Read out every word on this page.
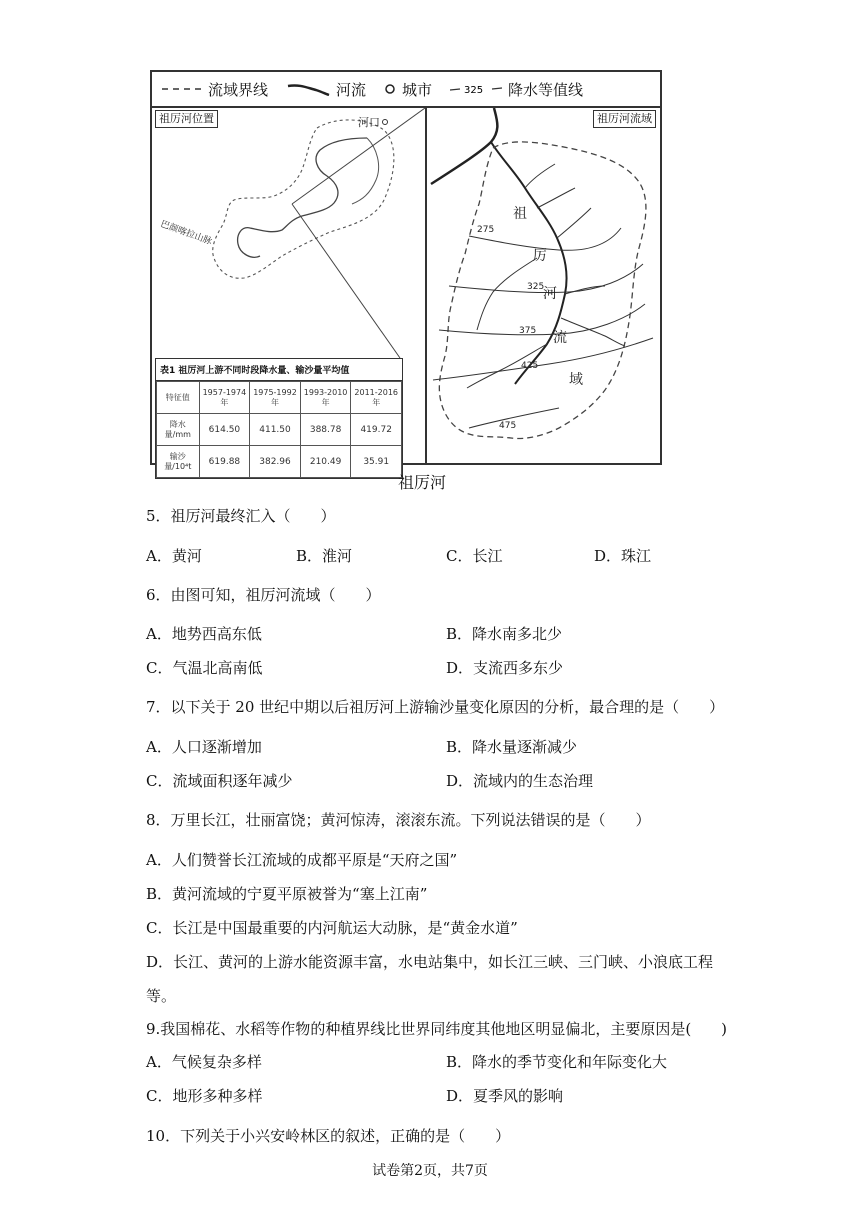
流域界线	河流 城市	325 降水等值线
祖厉河位置
巴颜喀拉山脉
河口
表1 祖厉河上游不同时段降水量、输沙量平均值
特征值	1957-1974年	1975-1992年	1993-2010年	2011-2016年
降水量/mm	614.50	411.50	388.78	419.72
输沙量/10⁴t	619.88	382.96	210.49	35.91
祖厉河流域
275
325
375
425
475
祖
厉
河
流
域
祖厉河
5．祖厉河最终汇入（　　）
A．黄河	B．淮河	C．长江	D．珠江
6．由图可知，祖厉河流域（　　）
A．地势西高东低	B．降水南多北少
C．气温北高南低	D．支流西多东少
7．以下关于 20 世纪中期以后祖厉河上游输沙量变化原因的分析，最合理的是（　　）
A．人口逐渐增加	B．降水量逐渐减少
C．流域面积逐年减少	D．流域内的生态治理
8．万里长江，壮丽富饶；黄河惊涛，滚滚东流。下列说法错误的是（　　）
A．人们赞誉长江流域的成都平原是“天府之国”
B．黄河流域的宁夏平原被誉为“塞上江南”
C．长江是中国最重要的内河航运大动脉，是“黄金水道”
D．长江、黄河的上游水能资源丰富，水电站集中，如长江三峡、三门峡、小浪底工程
等。
9.我国棉花、水稻等作物的种植界线比世界同纬度其他地区明显偏北，主要原因是(　　)
A．气候复杂多样	B．降水的季节变化和年际变化大
C．地形多种多样	D．夏季风的影响
10．下列关于小兴安岭林区的叙述，正确的是（　　）
试卷第2页，共7页
